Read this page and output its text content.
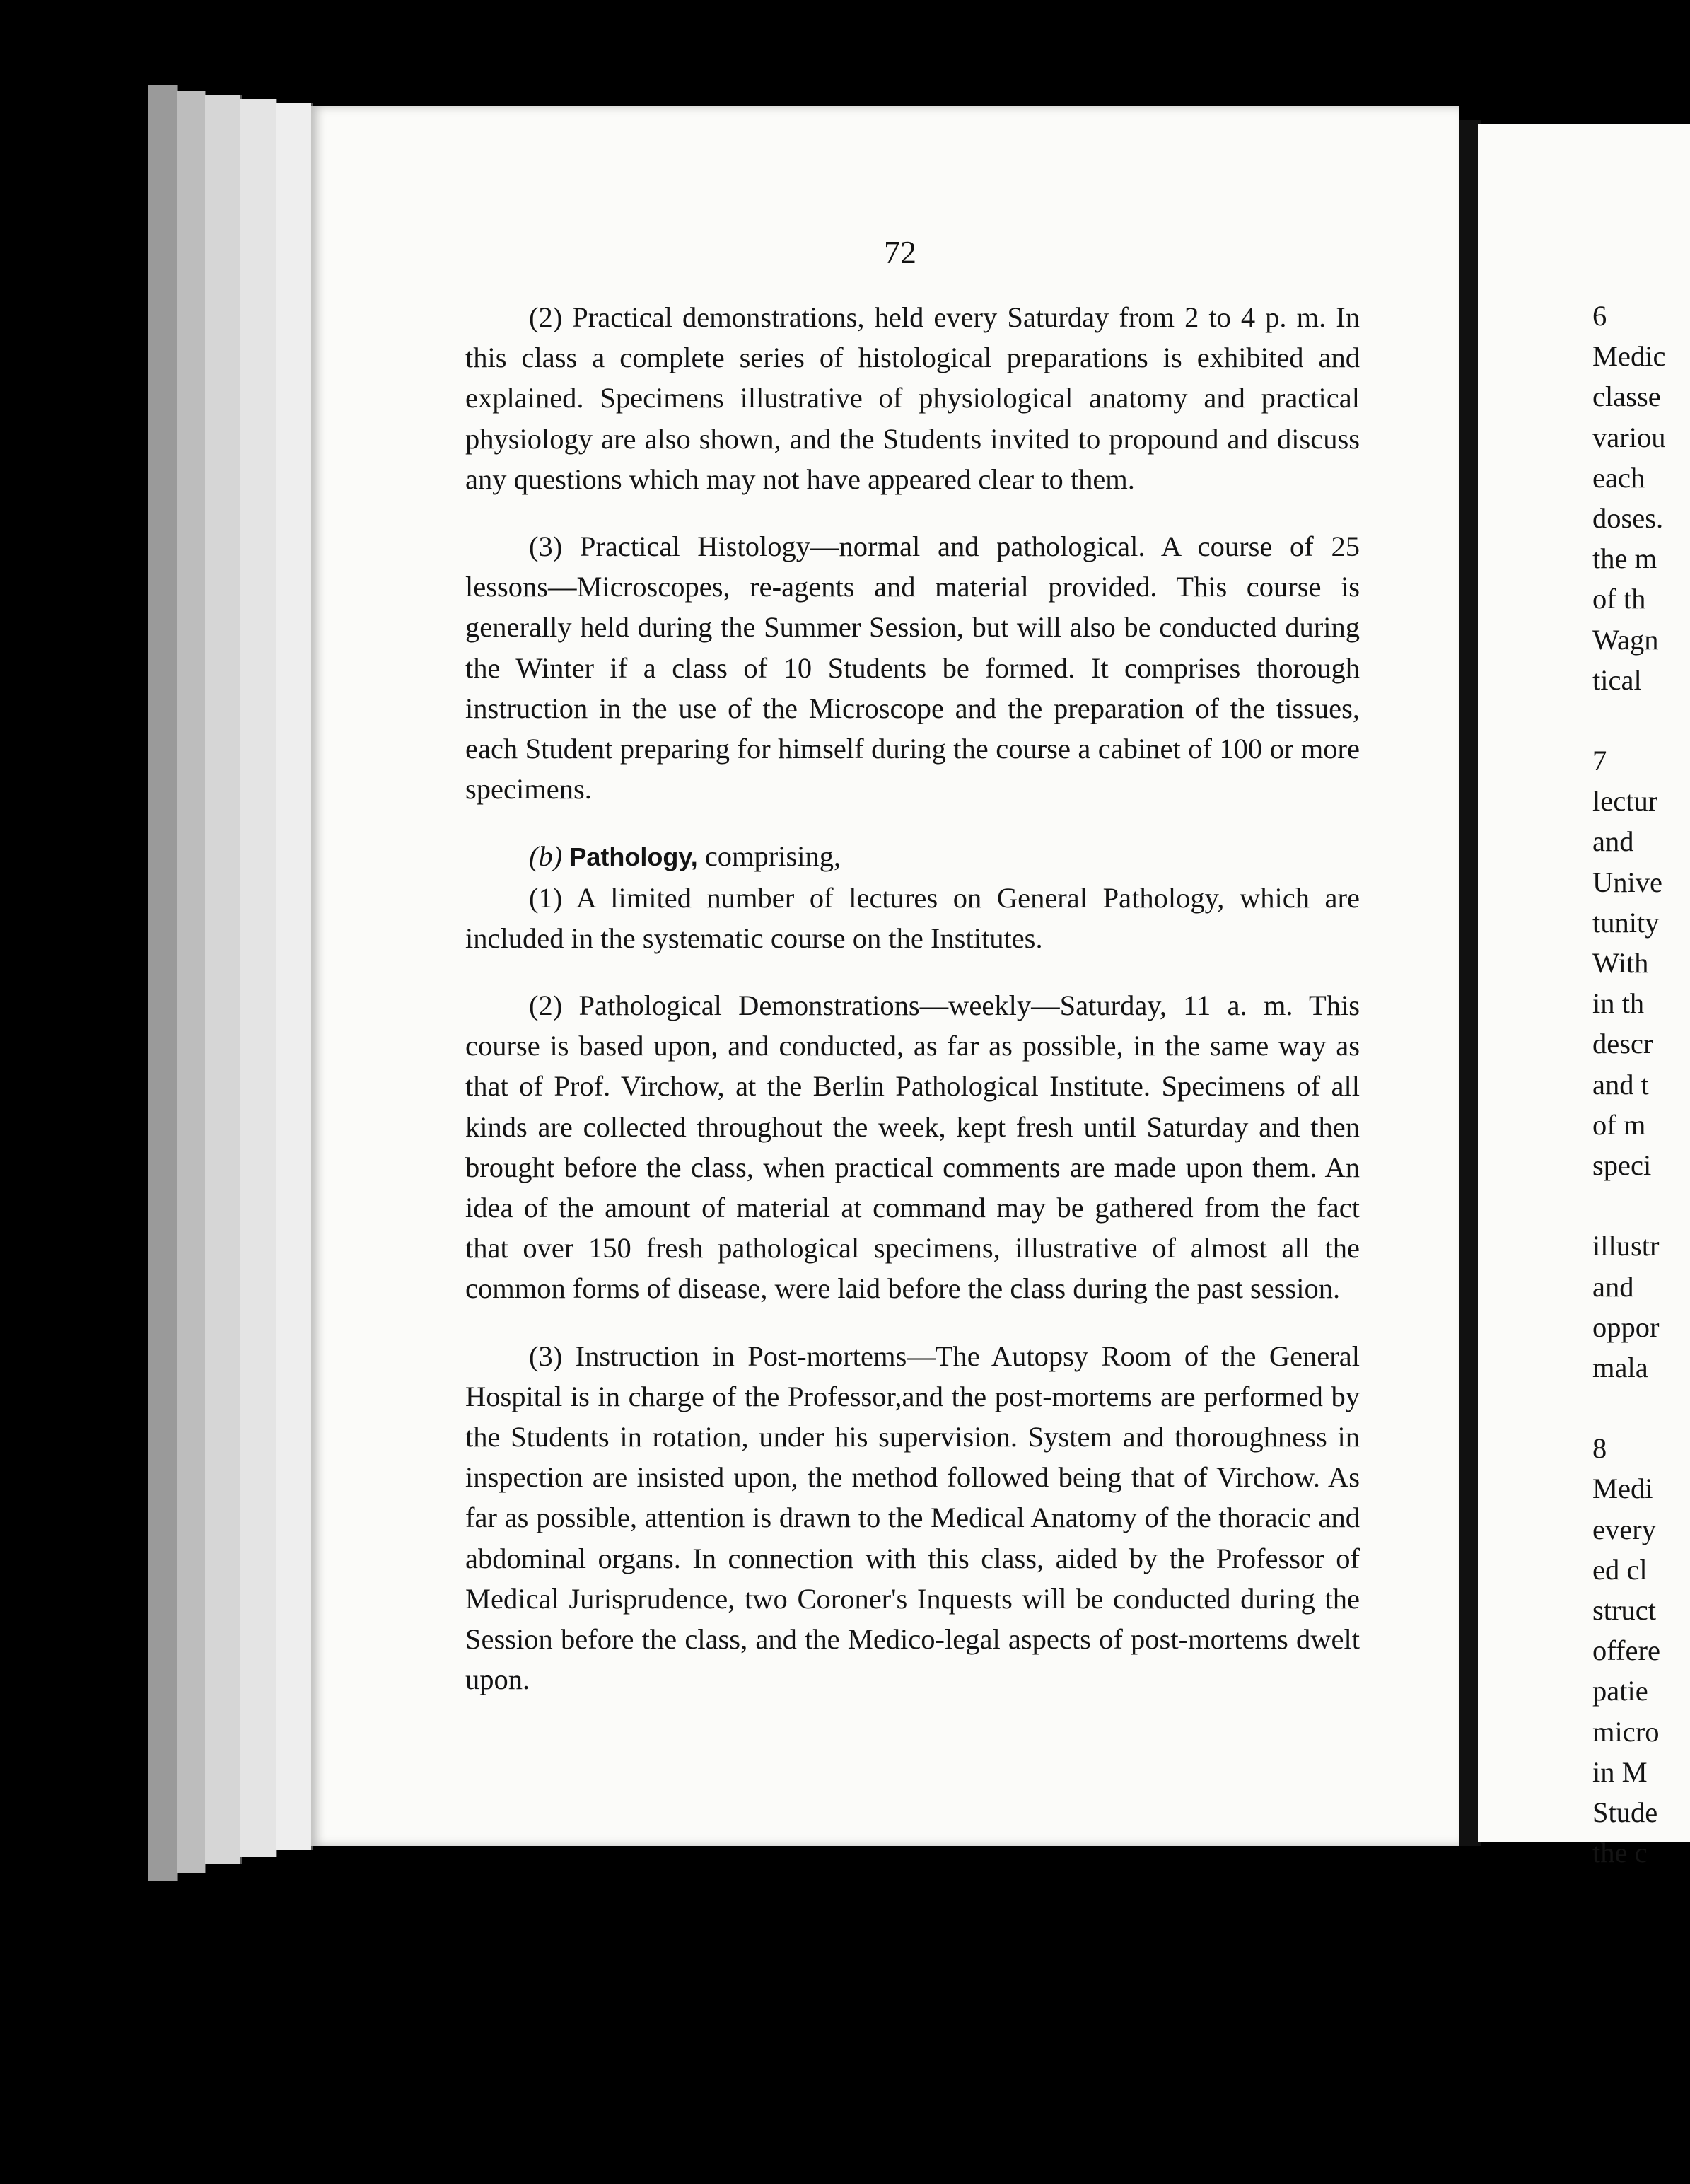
72

(2) Practical demonstrations, held every Saturday from 2 to 4 p. m. In this class a complete series of histological preparations is exhibited and explained. Specimens illustrative of physiological anatomy and practical physiology are also shown, and the Students invited to propound and discuss any questions which may not have appeared clear to them.

(3) Practical Histology—normal and pathological. A course of 25 lessons—Microscopes, re-agents and material provided. This course is generally held during the Summer Session, but will also be conducted during the Winter if a class of 10 Students be formed. It comprises thorough instruction in the use of the Microscope and the preparation of the tissues, each Student preparing for himself during the course a cabinet of 100 or more specimens.

(b) Pathology, comprising,

(1) A limited number of lectures on General Pathology, which are included in the systematic course on the Institutes.

(2) Pathological Demonstrations—weekly—Saturday, 11 a. m. This course is based upon, and conducted, as far as possible, in the same way as that of Prof. Virchow, at the Berlin Pathological Institute. Specimens of all kinds are collected throughout the week, kept fresh until Saturday and then brought before the class, when practical comments are made upon them. An idea of the amount of material at command may be gathered from the fact that over 150 fresh pathological specimens, illustrative of almost all the common forms of disease, were laid before the class during the past session.

(3) Instruction in Post-mortems—The Autopsy Room of the General Hospital is in charge of the Professor,and the post-mortems are performed by the Students in rotation, under his supervision. System and thoroughness in inspection are insisted upon, the method followed being that of Virchow. As far as possible, attention is drawn to the Medical Anatomy of the thoracic and abdominal organs. In connection with this class, aided by the Professor of Medical Jurisprudence, two Coroner's Inquests will be conducted during the Session before the class, and the Medico-legal aspects of post-mortems dwelt upon.

6
Medic
classe
variou
each
doses.
the m
of th
Wagn
tical
7
lectur
and
Unive
tunity
With
in th
descr
and t
of m
speci
illustr
and
oppor
mala
8
Medi
every
ed cl
struct
offere
patie
micro
in M
Stude
the c
